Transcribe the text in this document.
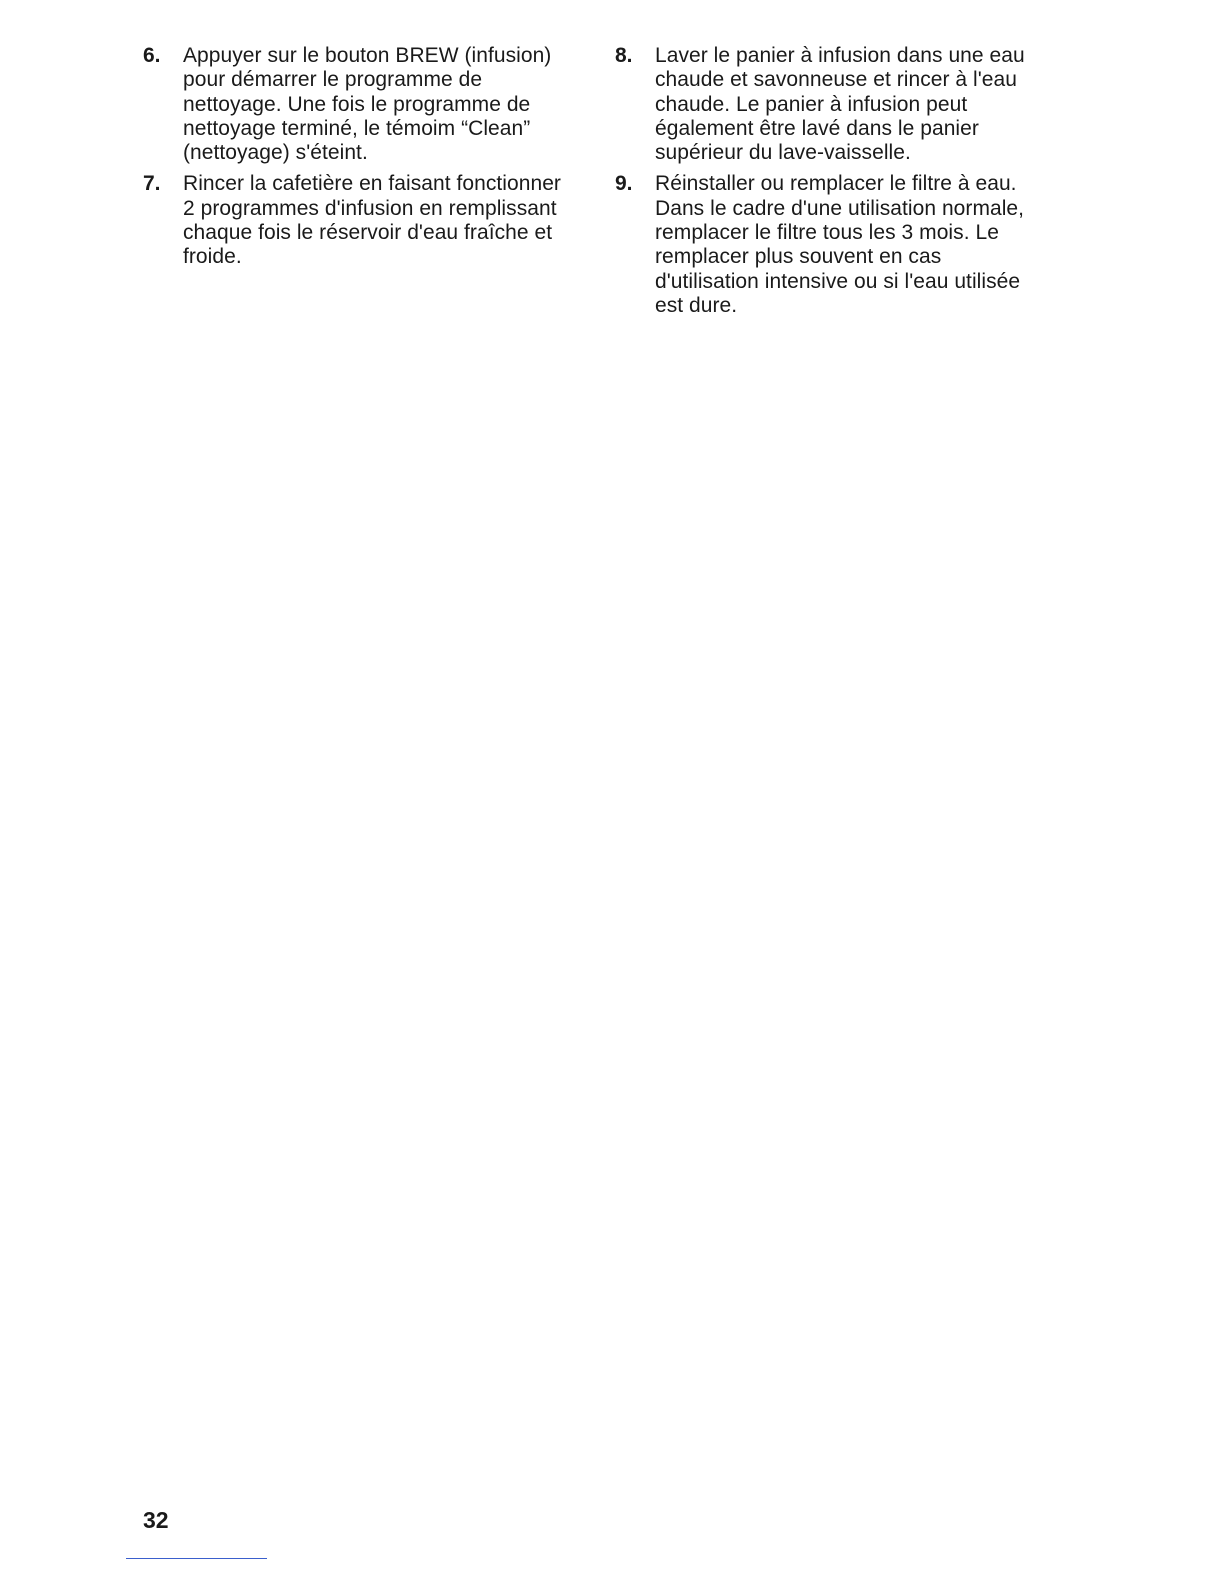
6.	Appuyer sur le bouton BREW (infusion)
pour démarrer le programme de
nettoyage. Une fois le programme de
nettoyage terminé, le témoim “Clean”
(nettoyage) s'éteint.
7.	Rincer la cafetière en faisant fonctionner
2 programmes d'infusion en remplissant
chaque fois le réservoir d'eau fraîche et
froide.
8.	Laver le panier à infusion dans une eau
chaude et savonneuse et rincer à l'eau
chaude. Le panier à infusion peut
également être lavé dans le panier
supérieur du lave-vaisselle.
9.	Réinstaller ou remplacer le filtre à eau.
Dans le cadre d'une utilisation normale,
remplacer le filtre tous les 3 mois. Le
remplacer plus souvent en cas
d'utilisation intensive ou si l'eau utilisée
est dure.
32
